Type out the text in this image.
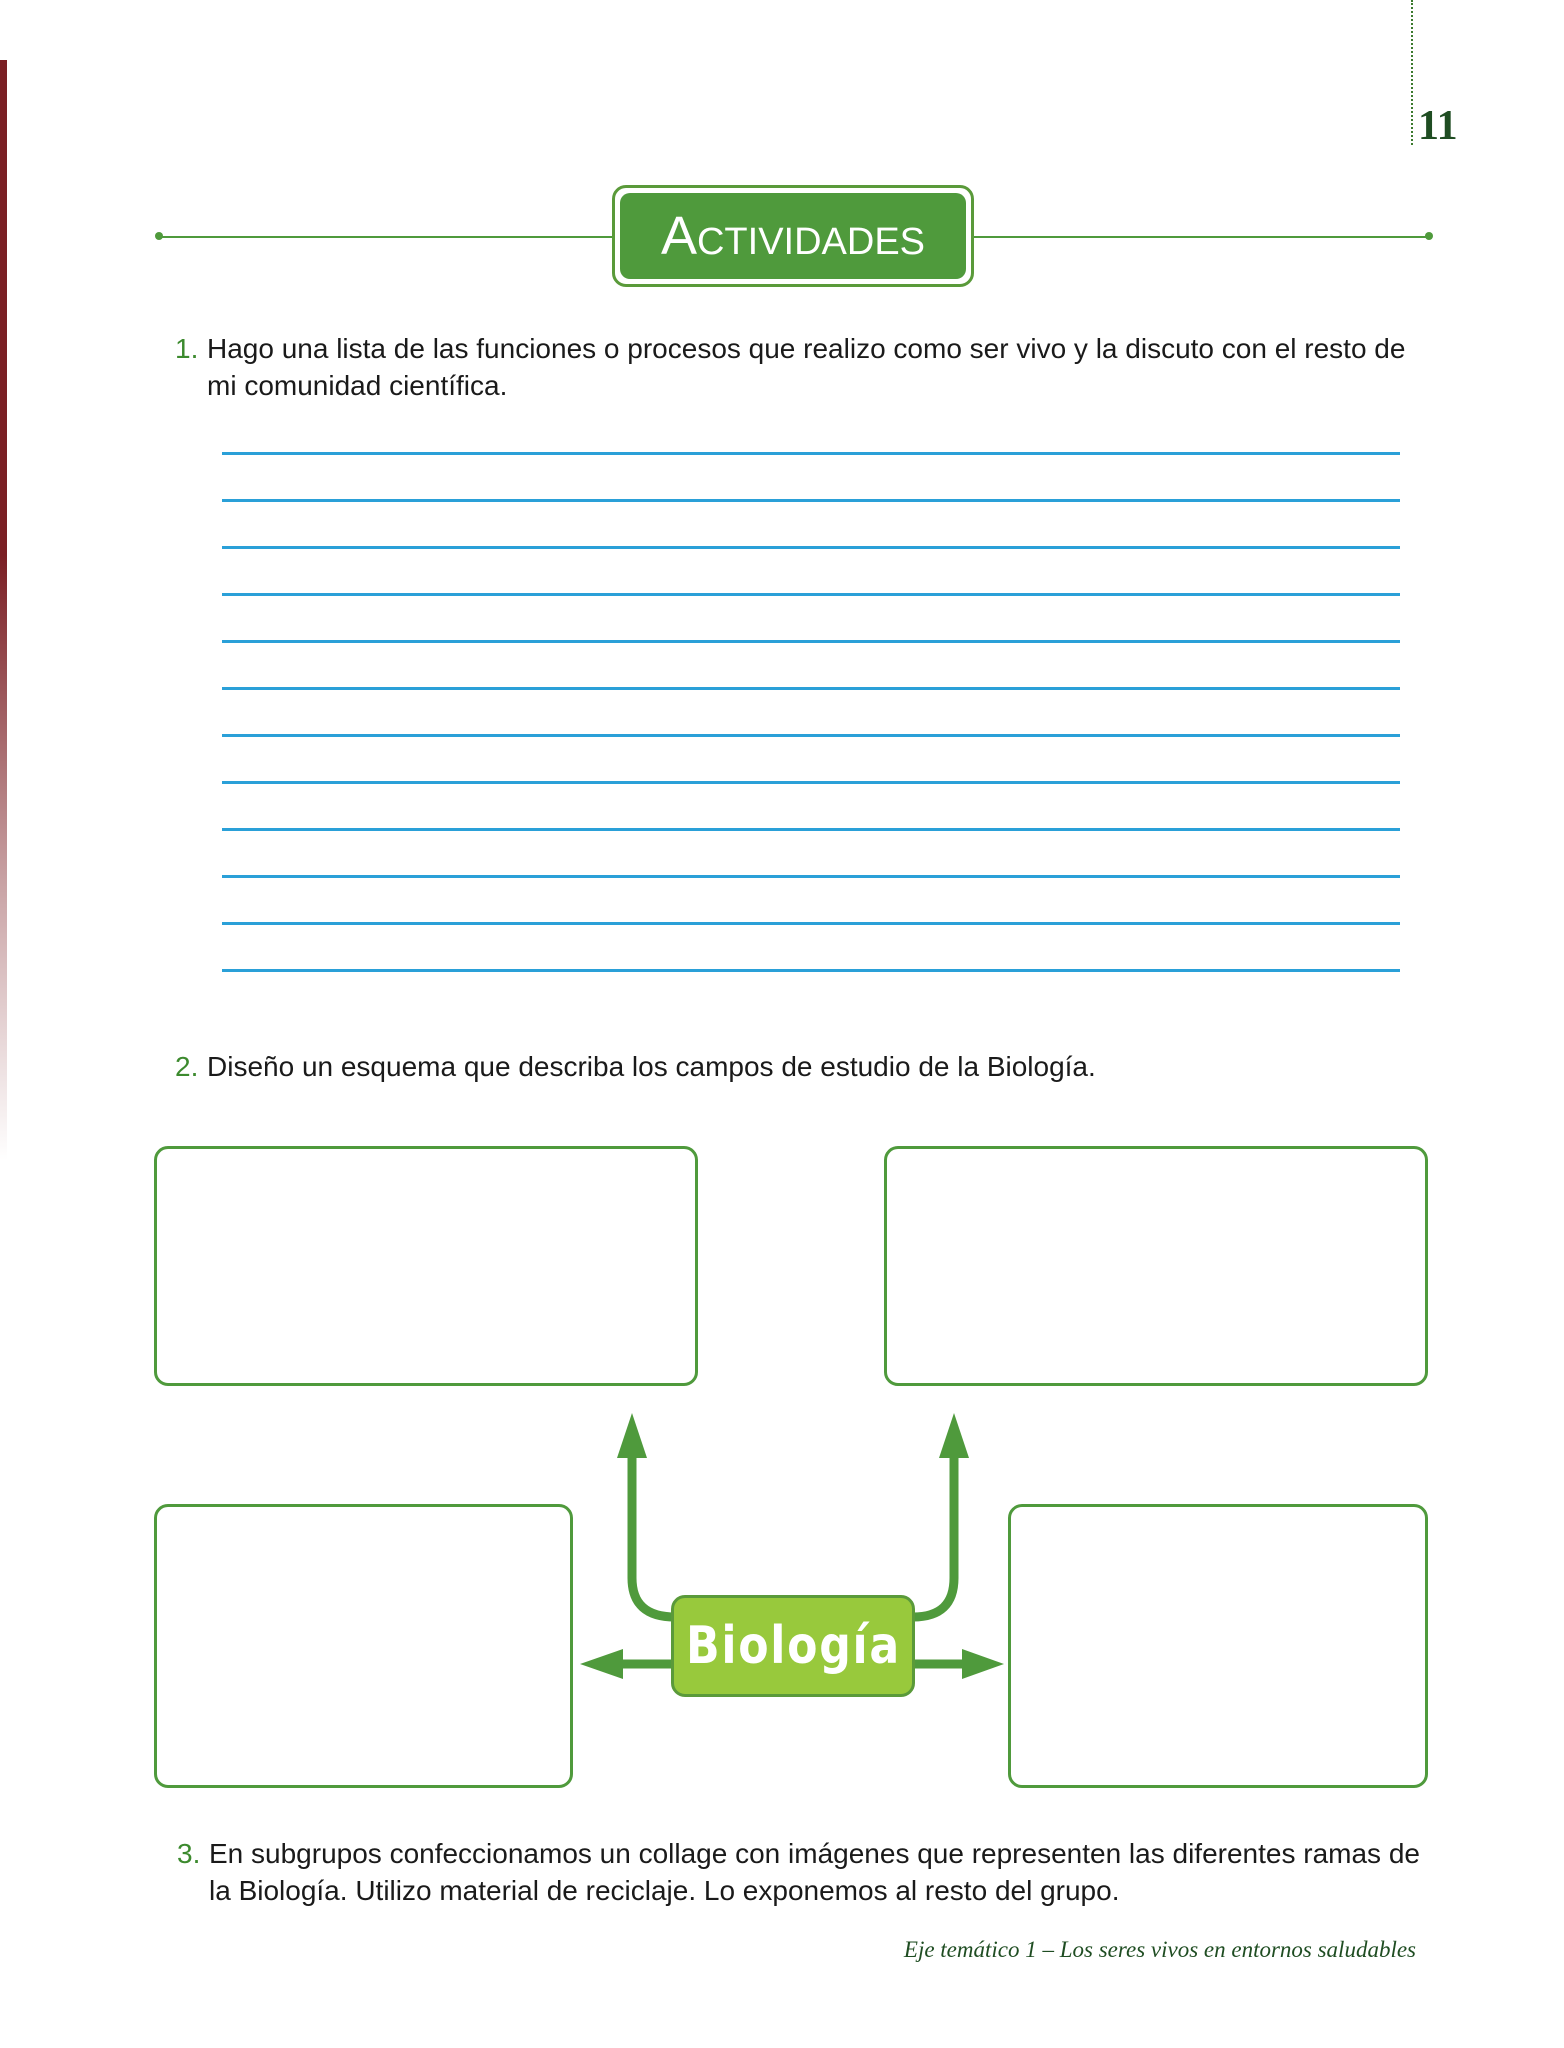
11
Actividades
1. Hago una lista de las funciones o procesos que realizo como ser vivo y la discuto con el resto de mi comunidad científica.
2. Diseño un esquema que describa los campos de estudio de la Biología.
Biología
3. En subgrupos confeccionamos un collage con imágenes que representen las diferentes ramas de la Biología. Utilizo material de reciclaje. Lo exponemos al resto del grupo.
Eje temático 1 – Los seres vivos en entornos saludables
